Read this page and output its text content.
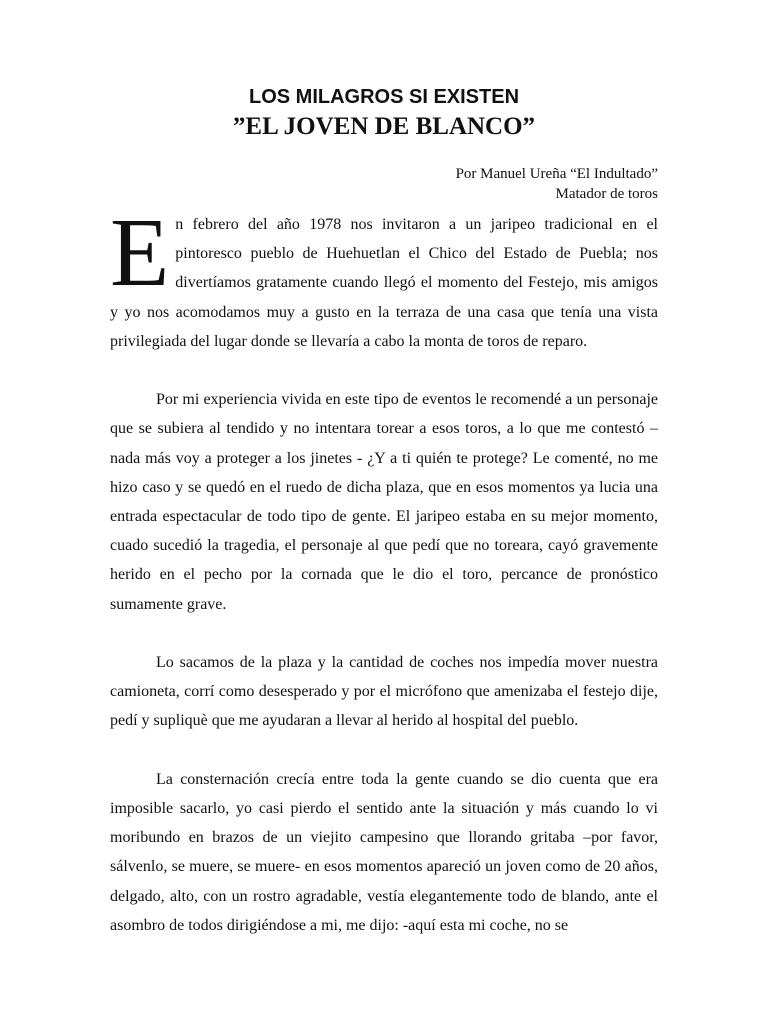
LOS MILAGROS SI EXISTEN
”EL JOVEN DE BLANCO”
Por Manuel Ureña “El Indultado”
Matador de toros

En febrero del año 1978 nos invitaron a un jaripeo tradicional en el pintoresco pueblo de Huehuetlan el Chico del Estado de Puebla; nos divertíamos gratamente cuando llegó el momento del Festejo, mis amigos y yo nos acomodamos muy a gusto en la terraza de una casa que tenía una vista privilegiada del lugar donde se llevaría a cabo la monta de toros de reparo.

Por mi experiencia vivida en este tipo de eventos le recomendé a un personaje que se subiera al tendido y no intentara torear a esos toros, a lo que me contestó –nada más voy a proteger a los jinetes - ¿Y a ti quién te protege? Le comenté, no me hizo caso y se quedó en el ruedo de dicha plaza, que en esos momentos ya lucia una entrada espectacular de todo tipo de gente. El jaripeo estaba en su mejor momento, cuado sucedió la tragedia, el personaje al que pedí que no toreara, cayó gravemente herido en el pecho por la cornada que le dio el toro, percance de pronóstico sumamente grave.

Lo sacamos de la plaza y la cantidad de coches nos impedía mover nuestra camioneta, corrí como desesperado y por el micrófono que amenizaba el festejo dije, pedí y supliquè que me ayudaran a llevar al herido al hospital del pueblo.

La consternación crecía entre toda la gente cuando se dio cuenta que era imposible sacarlo, yo casi pierdo el sentido ante la situación y más cuando lo vi moribundo en brazos de un viejito campesino que llorando gritaba –por favor, sálvenlo, se muere, se muere- en esos momentos apareció un joven como de 20 años, delgado, alto, con un rostro agradable, vestía elegantemente todo de blando, ante el asombro de todos dirigiéndose a mi, me dijo: -aquí esta mi coche, no se
